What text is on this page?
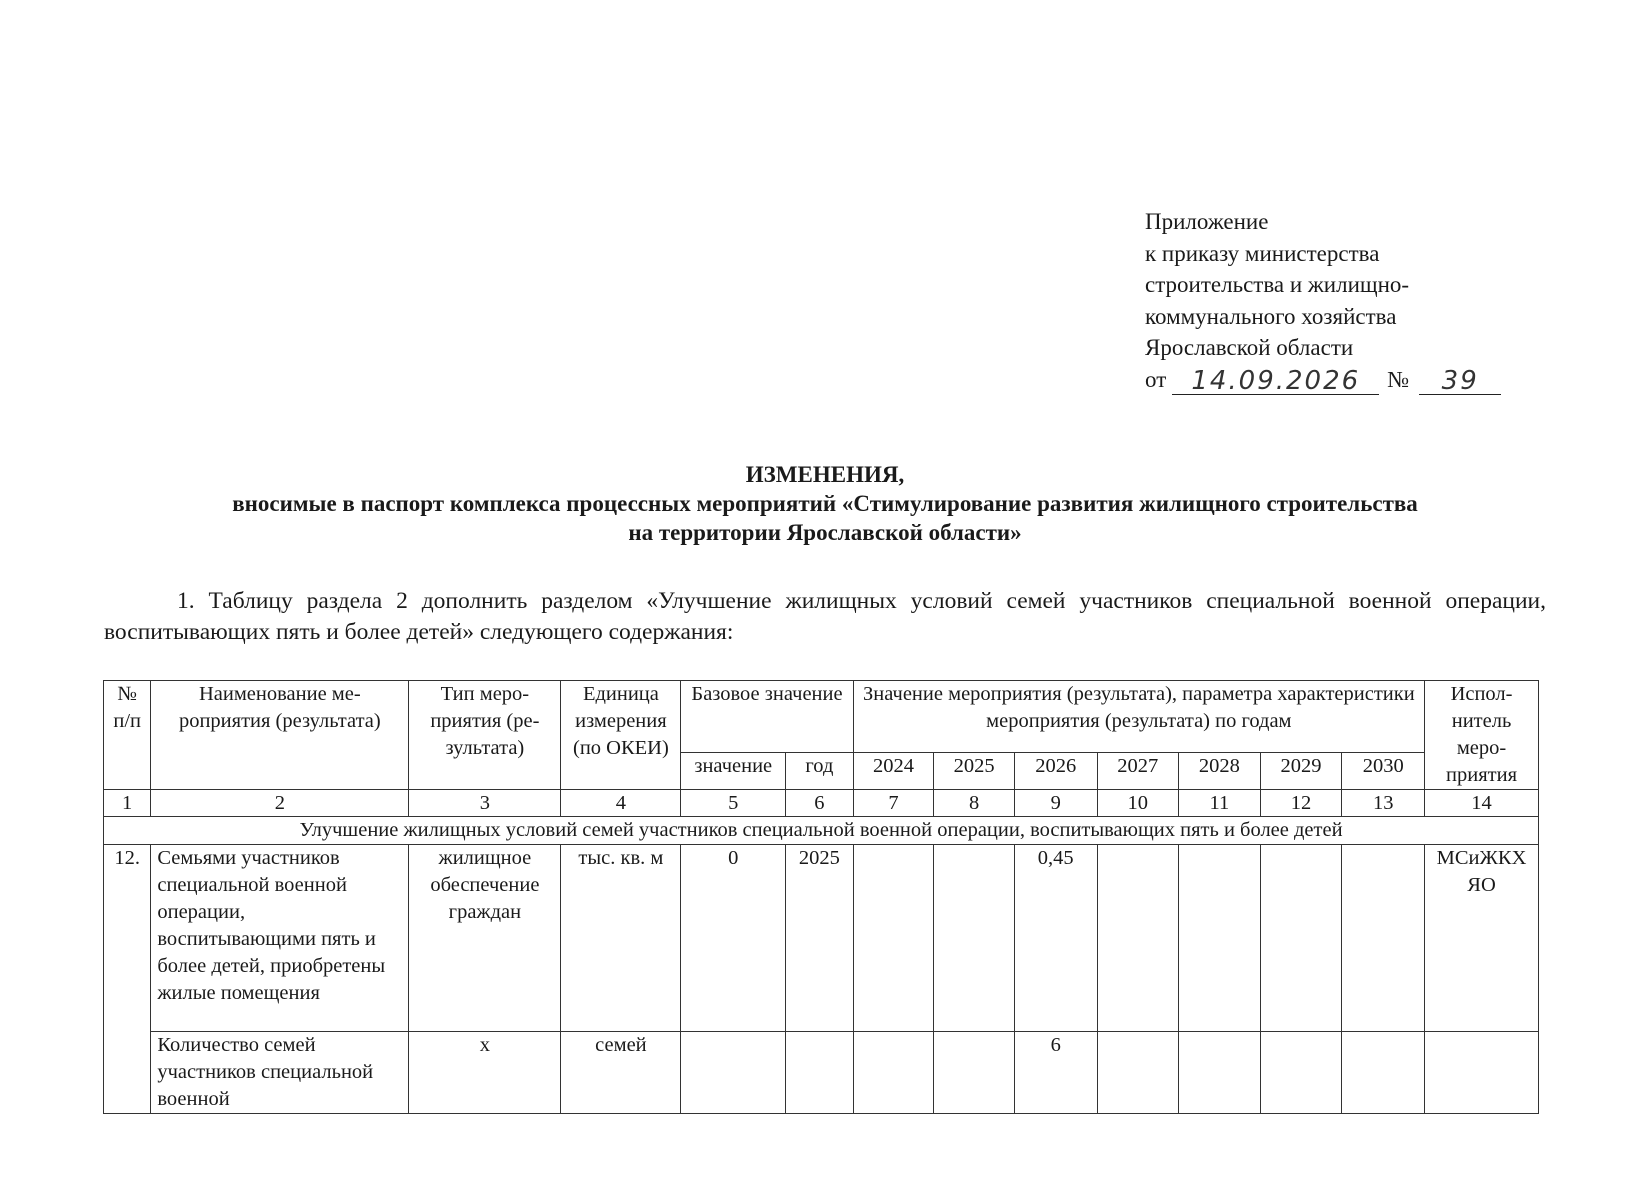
Приложение
к приказу министерства
строительства и жилищно-
коммунального хозяйства
Ярославской области
от 14.09.2026	№	39
ИЗМЕНЕНИЯ,
вносимые в паспорт комплекса процессных мероприятий «Стимулирование развития жилищного строительства
на территории Ярославской области»
1. Таблицу раздела 2 дополнить разделом «Улучшение жилищных условий семей участников специальной военной операции, воспитывающих пять и более детей» следующего содержания:
№ п/п	Наименование ме-роприятия (результата)	Тип меро-приятия (ре-зультата)	Единица измерения (по ОКЕИ)	Базовое значение		Значение мероприятия (результата), параметра характеристики мероприятия (результата) по годам							Испол-нитель меро-приятия
				значение	год	2024	2025	2026	2027	2028	2029	2030	
1	2	3	4	5	6	7	8	9	10	11	12	13	14
Улучшение жилищных условий семей участников специальной военной операции, воспитывающих пять и более детей													
12.	Семьями участников специальной военной операции, воспитывающими пять и более детей, приобретены жилые помещения	жилищное обеспечение граждан	тыс. кв. м	0	2025			0,45					МСиЖКХ ЯО
	Количество семей участников специальной военной	х	семей					6					
